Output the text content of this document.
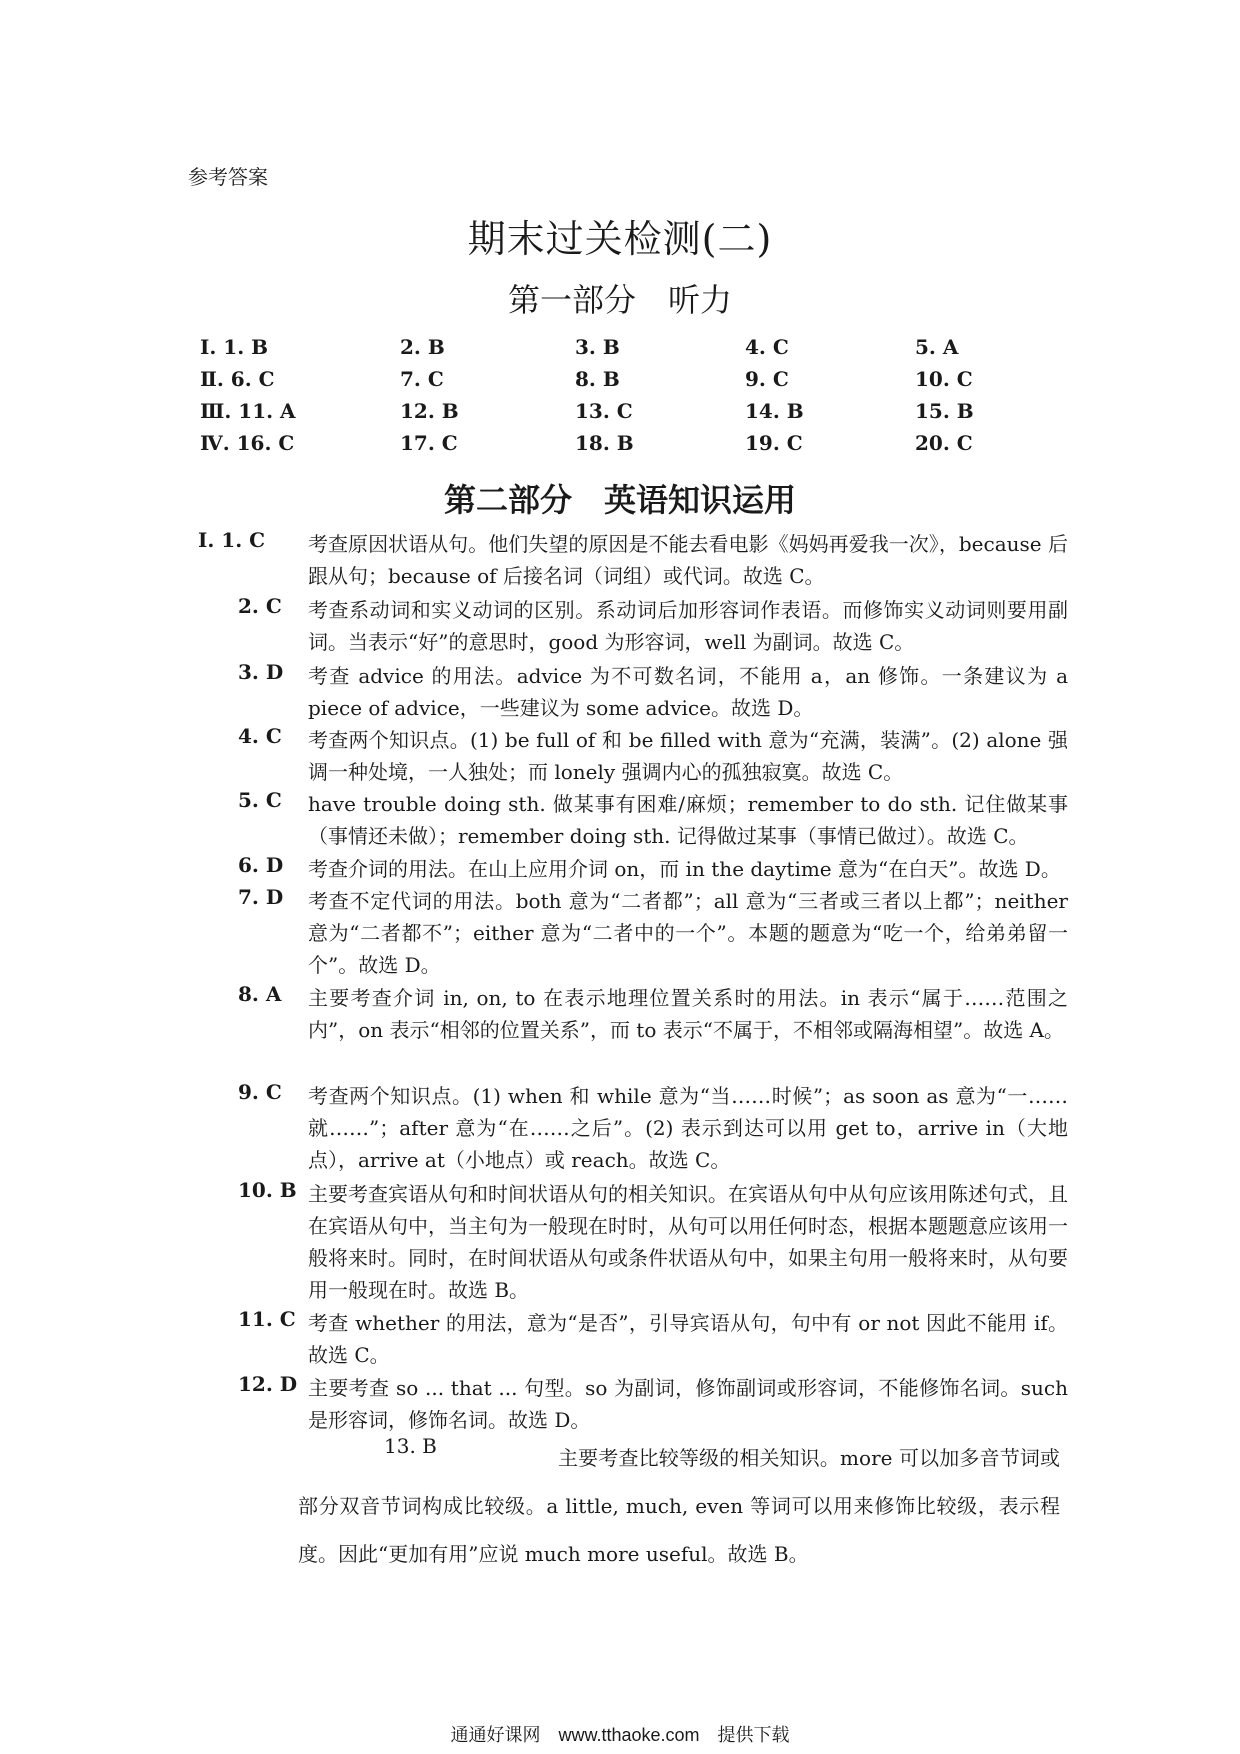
参考答案
期末过关检测(二)
第一部分　听力
Ⅰ. 1. B	2. B	3. B	4. C	5. A
Ⅱ. 6. C	7. C	8. B	9. C	10. C
Ⅲ. 11. A	12. B	13. C	14. B	15. B
Ⅳ. 16. C	17. C	18. B	19. C	20. C
第二部分　英语知识运用
Ⅰ. 1. C 考查原因状语从句。他们失望的原因是不能去看电影《妈妈再爱我一次》，because 后跟从句；because of 后接名词（词组）或代词。故选 C。
2. C 考查系动词和实义动词的区别。系动词后加形容词作表语。而修饰实义动词则要用副词。当表示“好”的意思时，good 为形容词，well 为副词。故选 C。
3. D 考查 advice 的用法。advice 为不可数名词，不能用 a，an 修饰。一条建议为 a piece of advice，一些建议为 some advice。故选 D。
4. C 考查两个知识点。(1) be full of 和 be filled with 意为“充满，装满”。(2) alone 强调一种处境，一人独处；而 lonely 强调内心的孤独寂寞。故选 C。
5. C have trouble doing sth. 做某事有困难/麻烦；remember to do sth. 记住做某事（事情还未做）；remember doing sth. 记得做过某事（事情已做过）。故选 C。
6. D 考查介词的用法。在山上应用介词 on，而 in the daytime 意为“在白天”。故选 D。
7. D 考查不定代词的用法。both 意为“二者都”；all 意为“三者或三者以上都”；neither 意为“二者都不”；either 意为“二者中的一个”。本题的题意为“吃一个，给弟弟留一个”。故选 D。
8. A 主要考查介词 in, on, to 在表示地理位置关系时的用法。in 表示“属于……范围之内”，on 表示“相邻的位置关系”，而 to 表示“不属于，不相邻或隔海相望”。故选 A。
9. C 考查两个知识点。(1) when 和 while 意为“当……时候”；as soon as 意为“一……就……”；after 意为“在……之后”。(2) 表示到达可以用 get to，arrive in（大地点），arrive at（小地点）或 reach。故选 C。
10. B 主要考查宾语从句和时间状语从句的相关知识。在宾语从句中从句应该用陈述句式，且在宾语从句中，当主句为一般现在时时，从句可以用任何时态，根据本题题意应该用一般将来时。同时，在时间状语从句或条件状语从句中，如果主句用一般将来时，从句要用一般现在时。故选 B。
11. C 考查 whether 的用法，意为“是否”，引导宾语从句，句中有 or not 因此不能用 if。故选 C。
12. D 主要考查 so ... that ... 句型。so 为副词，修饰副词或形容词，不能修饰名词。such 是形容词，修饰名词。故选 D。
13. B	主要考查比较等级的相关知识。more 可以加多音节词或部分双音节词构成比较级。a little, much, even 等词可以用来修饰比较级，表示程度。因此“更加有用”应说 much more useful。故选 B。
通通好课网　www.tthaoke.com　提供下载
